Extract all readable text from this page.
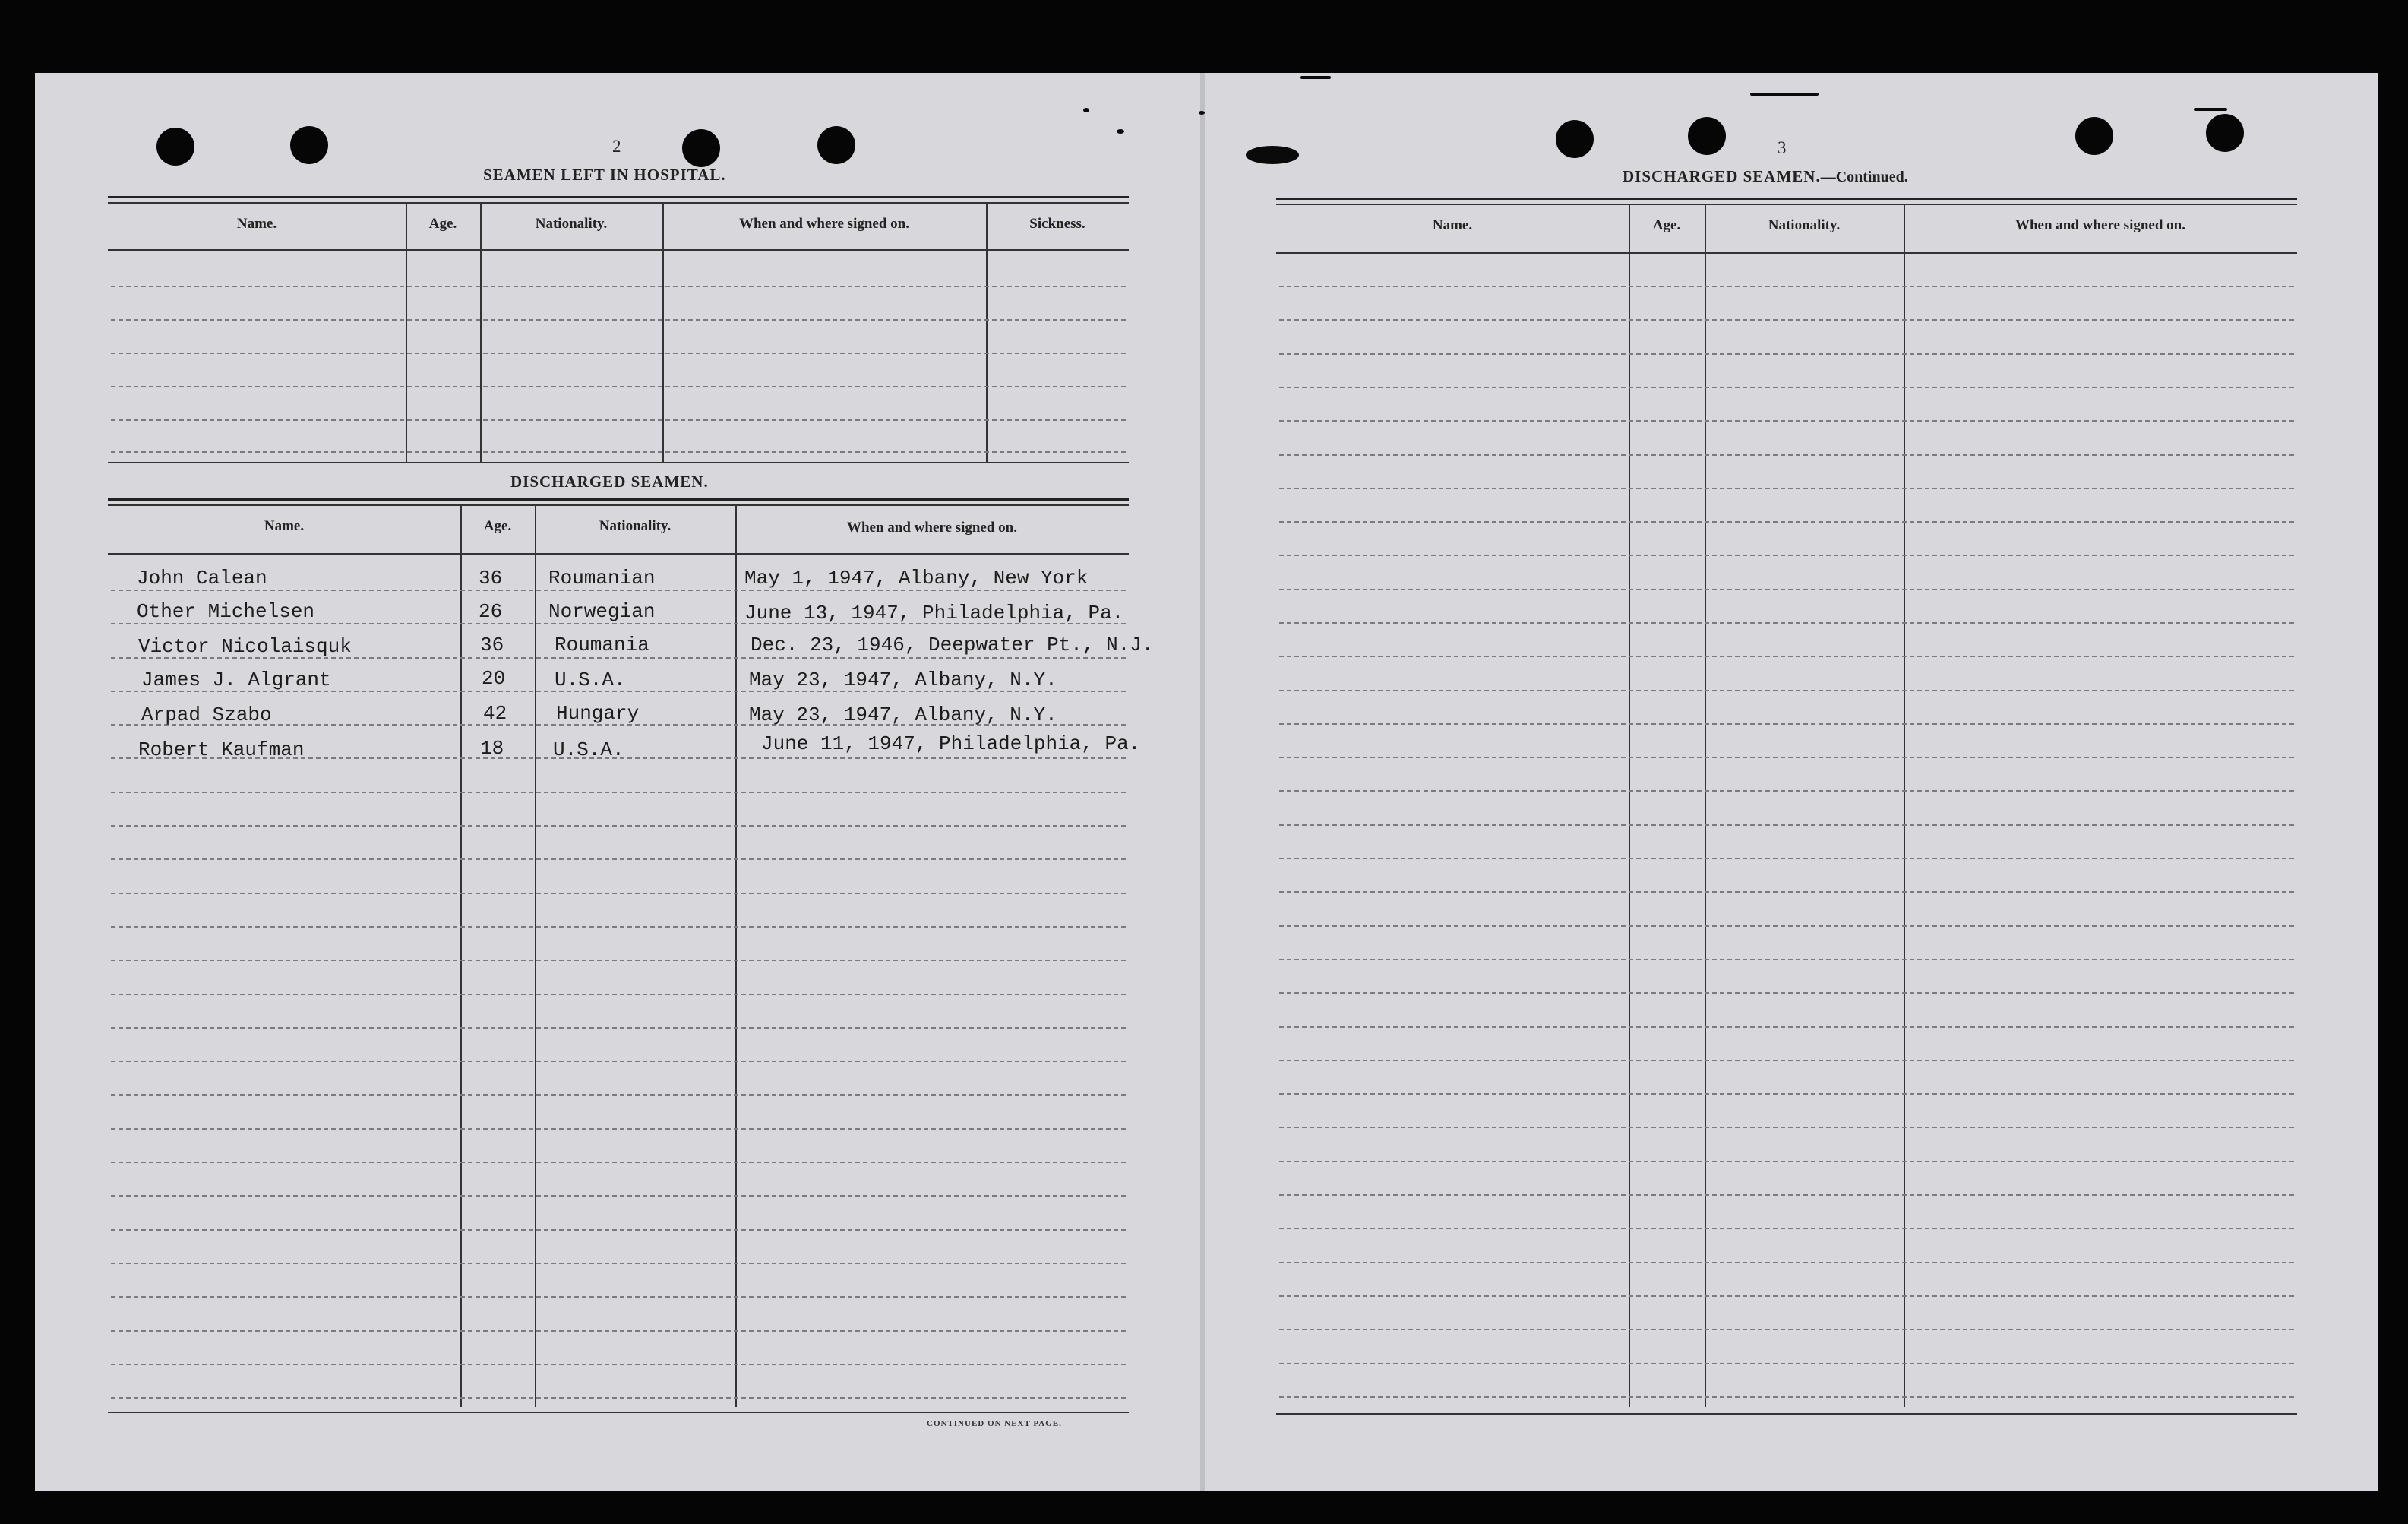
2
SEAMEN LEFT IN HOSPITAL.
Name.	Age.	Nationality.	When and where signed on.	Sickness.
DISCHARGED SEAMEN.
Name.	Age.	Nationality.	When and where signed on.
John Calean	36 Roumanian	May 1, 1947, Albany, New York
Other Michelsen	26 Norwegian	June 13, 1947, Philadelphia, Pa.
Victor Nicolaisquk	36	Roumania	Dec. 23, 1946, Deepwater Pt., N.J.
James J. Algrant	20 U.S.A.	May 23, 1947, Albany, N.Y.
Arpad Szabo	42 Hungary	May 23, 1947, Albany, N.Y.
Robert Kaufman	18 U.S.A.	June 11, 1947, Philadelphia, Pa.
CONTINUED ON NEXT PAGE.
3
DISCHARGED SEAMEN.—Continued.
Name.	Age.	Nationality.	When and where signed on.
